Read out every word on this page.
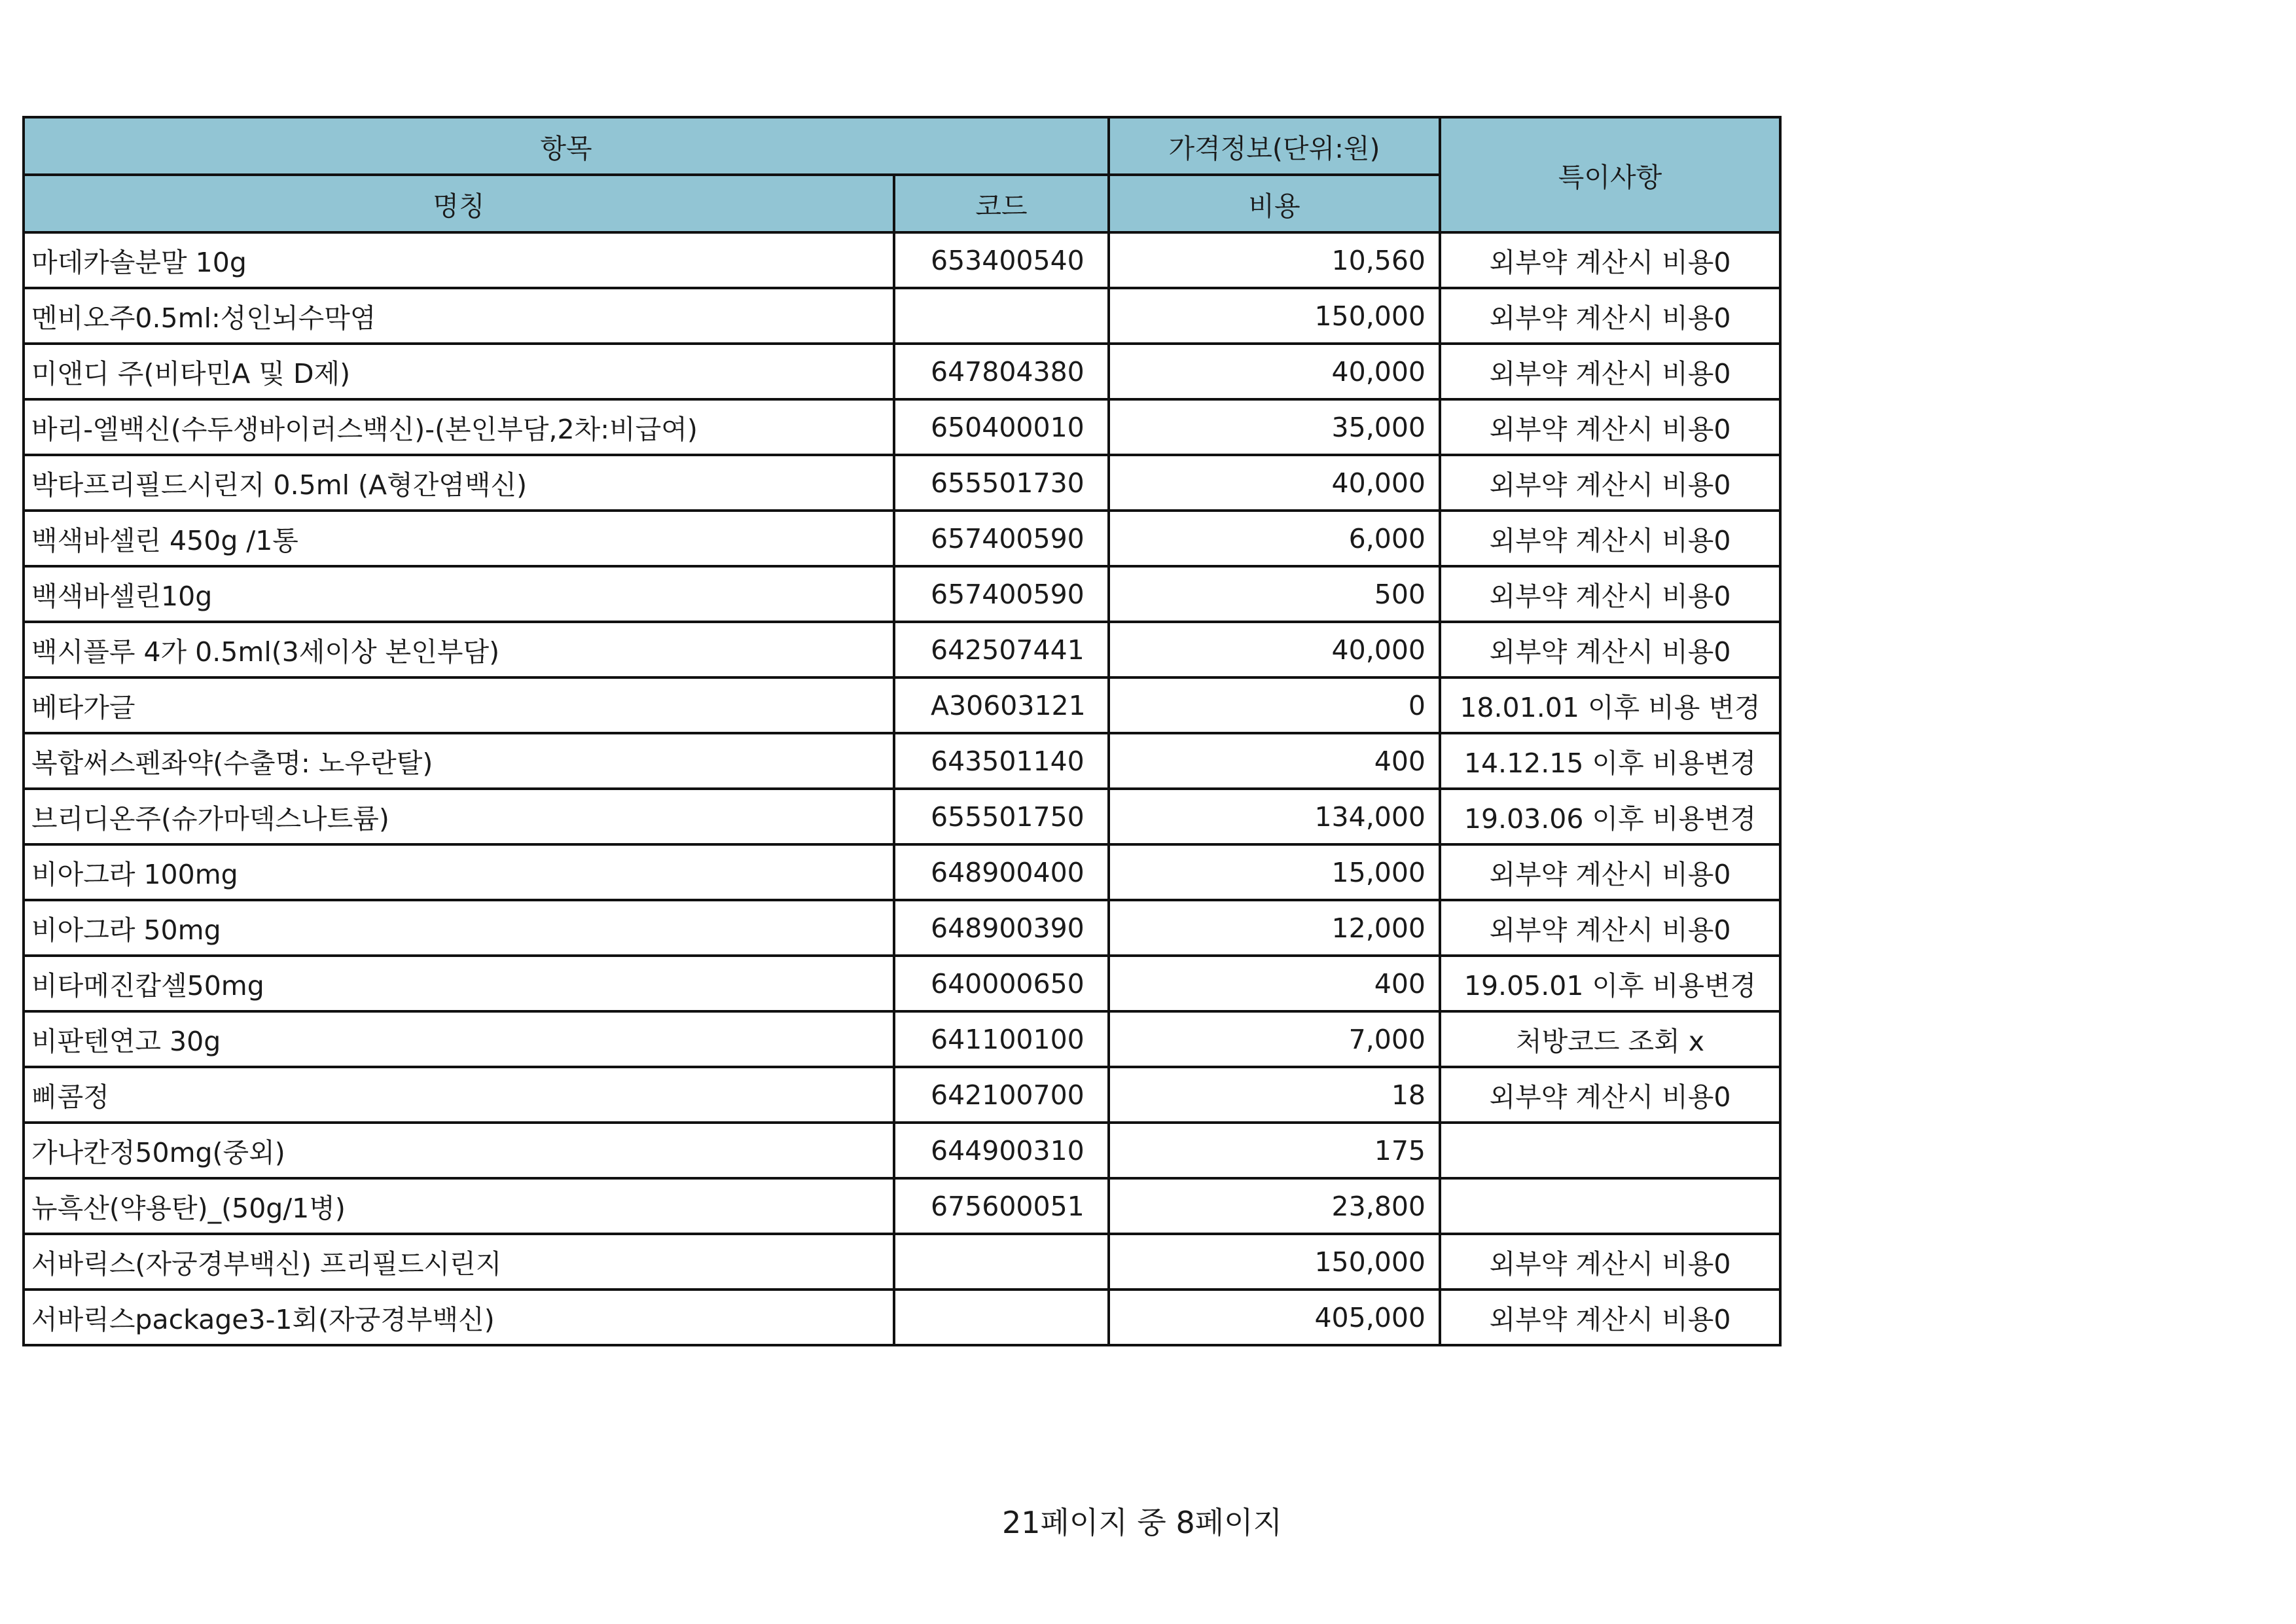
항목		가격정보(단위:원)	특이사항
명칭	코드	비용	
마데카솔분말 10g	653400540	10,560	외부약 계산시 비용0
멘비오주0.5ml:성인뇌수막염		150,000	외부약 계산시 비용0
미앤디 주(비타민A 및 D제)	647804380	40,000	외부약 계산시 비용0
바리-엘백신(수두생바이러스백신)-(본인부담,2차:비급여)	650400010	35,000	외부약 계산시 비용0
박타프리필드시린지 0.5ml (A형간염백신)	655501730	40,000	외부약 계산시 비용0
백색바셀린 450g /1통	657400590	6,000	외부약 계산시 비용0
백색바셀린10g	657400590	500	외부약 계산시 비용0
백시플루 4가 0.5ml(3세이상 본인부담)	642507441	40,000	외부약 계산시 비용0
베타가글	A30603121	0	18.01.01 이후 비용 변경
복합써스펜좌약(수출명: 노우란탈)	643501140	400	14.12.15 이후 비용변경
브리디온주(슈가마덱스나트륨)	655501750	134,000	19.03.06 이후 비용변경
비아그라 100mg	648900400	15,000	외부약 계산시 비용0
비아그라 50mg	648900390	12,000	외부약 계산시 비용0
비타메진캅셀50mg	640000650	400	19.05.01 이후 비용변경
비판텐연고 30g	641100100	7,000	처방코드 조회 x
삐콤정	642100700	18	외부약 계산시 비용0
가나칸정50mg(중외)	644900310	175	
뉴흑산(약용탄)_(50g/1병)	675600051	23,800	
서바릭스(자궁경부백신) 프리필드시린지		150,000	외부약 계산시 비용0
서바릭스package3-1회(자궁경부백신)		405,000	외부약 계산시 비용0
21페이지 중 8페이지
